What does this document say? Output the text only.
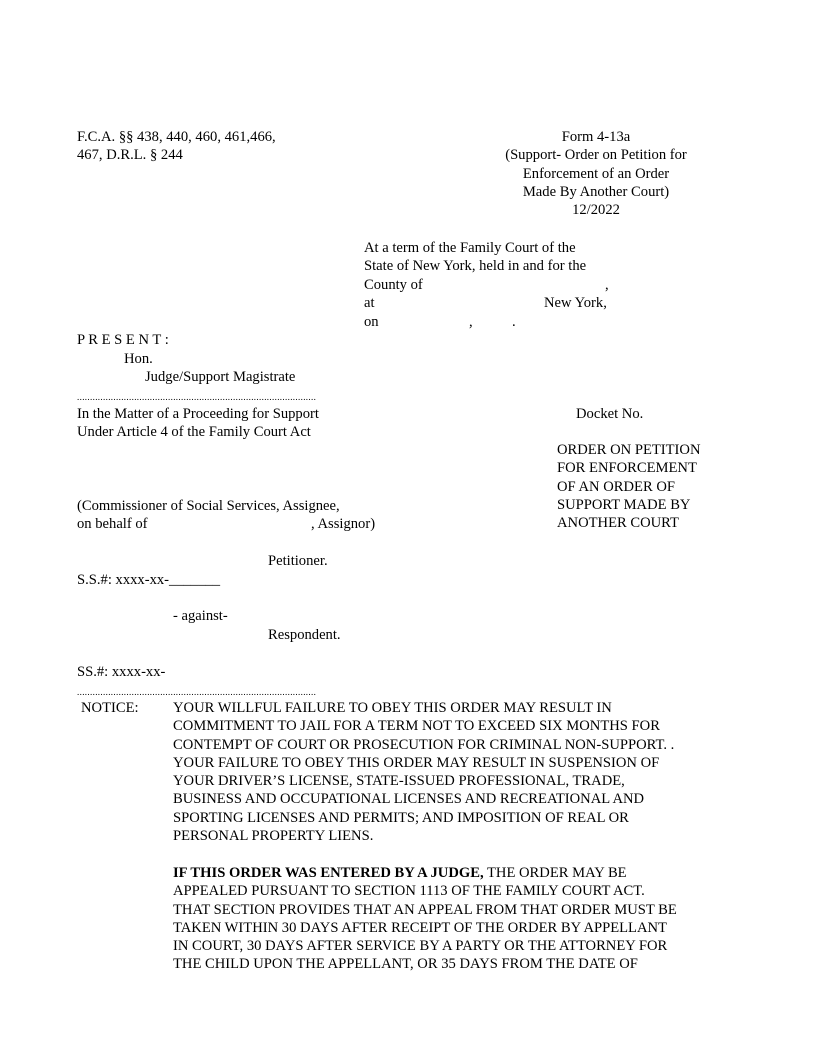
F.C.A. §§ 438, 440, 460, 461,466,
467, D.R.L. § 244
Form 4-13a
(Support- Order on Petition for
Enforcement of an Order
Made By Another Court)
12/2022
At a term of the Family Court of the
State of New York, held in and for the
County of	,
at	New York,
on	,	.
P R E S E N T :
Hon.
Judge/Support Magistrate
............................................................................................
In the Matter of a Proceeding for Support
Under Article 4 of the Family Court Act
(Commissioner of Social Services, Assignee,
on behalf of	, Assignor)
Petitioner.
S.S.#: xxxx-xx-_______
- against-
Respondent.
SS.#: xxxx-xx-
Docket No.
ORDER ON PETITION
FOR ENFORCEMENT
OF AN ORDER OF
SUPPORT MADE BY
ANOTHER COURT
............................................................................................
NOTICE: YOUR WILLFUL FAILURE TO OBEY THIS ORDER MAY RESULT IN
COMMITMENT TO JAIL FOR A TERM NOT TO EXCEED SIX MONTHS FOR
CONTEMPT OF COURT OR PROSECUTION FOR CRIMINAL NON-SUPPORT. .
YOUR FAILURE TO OBEY THIS ORDER MAY RESULT IN SUSPENSION OF
YOUR DRIVER’S LICENSE, STATE-ISSUED PROFESSIONAL, TRADE,
BUSINESS AND OCCUPATIONAL LICENSES AND RECREATIONAL AND
SPORTING LICENSES AND PERMITS; AND IMPOSITION OF REAL OR
PERSONAL PROPERTY LIENS.
IF THIS ORDER WAS ENTERED BY A JUDGE, THE ORDER MAY BE
APPEALED PURSUANT TO SECTION 1113 OF THE FAMILY COURT ACT.
THAT SECTION PROVIDES THAT AN APPEAL FROM THAT ORDER MUST BE
TAKEN WITHIN 30 DAYS AFTER RECEIPT OF THE ORDER BY APPELLANT
IN COURT, 30 DAYS AFTER SERVICE BY A PARTY OR THE ATTORNEY FOR
THE CHILD UPON THE APPELLANT, OR 35 DAYS FROM THE DATE OF
